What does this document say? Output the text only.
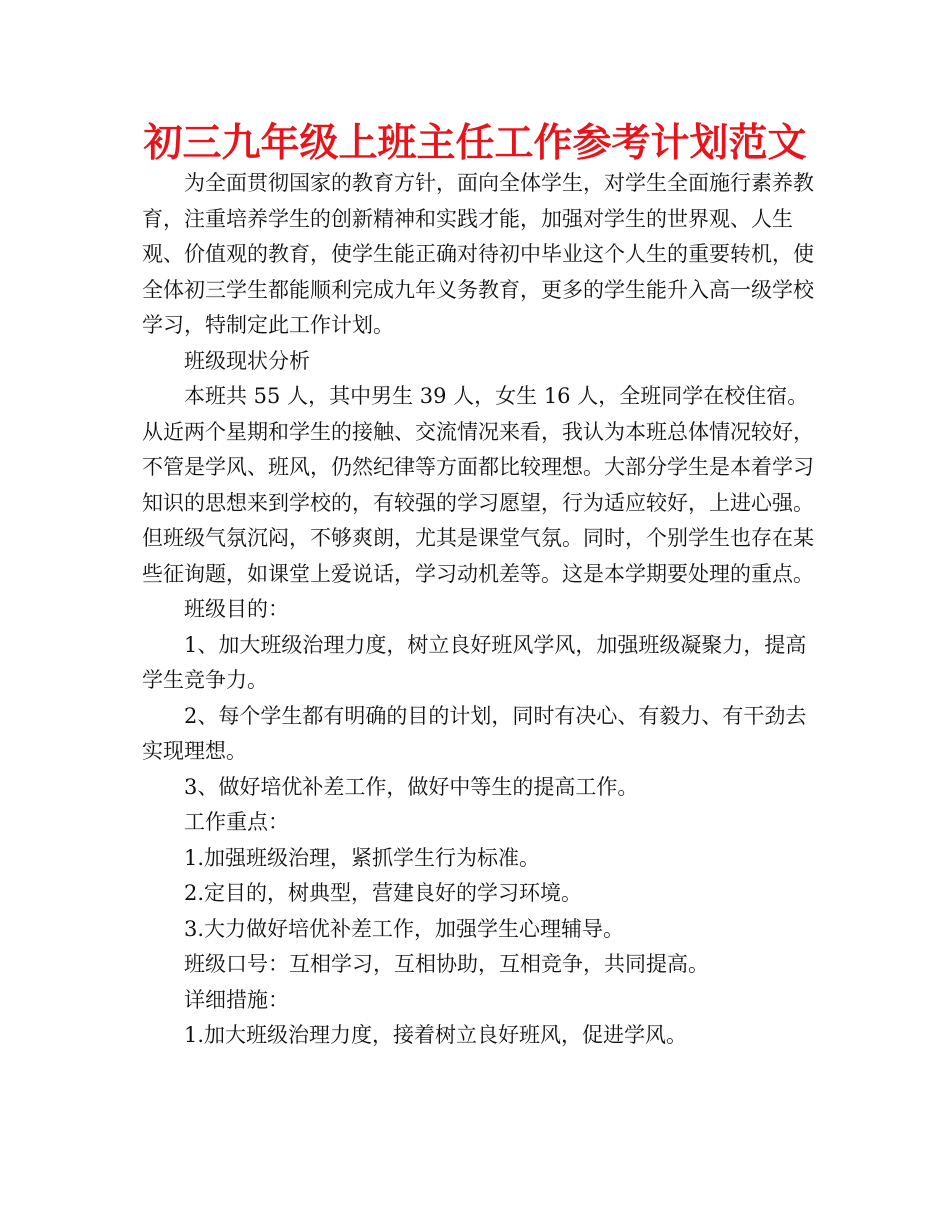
初三九年级上班主任工作参考计划范文

为全面贯彻国家的教育方针，面向全体学生，对学生全面施行素养教育，注重培养学生的创新精神和实践才能，加强对学生的世界观、人生观、价值观的教育，使学生能正确对待初中毕业这个人生的重要转机，使全体初三学生都能顺利完成九年义务教育，更多的学生能升入高一级学校学习，特制定此工作计划。

班级现状分析

本班共 55 人，其中男生 39 人，女生 16 人，全班同学在校住宿。从近两个星期和学生的接触、交流情况来看，我认为本班总体情况较好，不管是学风、班风，仍然纪律等方面都比较理想。大部分学生是本着学习知识的思想来到学校的，有较强的学习愿望，行为适应较好，上进心强。但班级气氛沉闷，不够爽朗，尤其是课堂气氛。同时，个别学生也存在某些征询题，如课堂上爱说话，学习动机差等。这是本学期要处理的重点。

班级目的：

1、加大班级治理力度，树立良好班风学风，加强班级凝聚力，提高学生竞争力。

2、每个学生都有明确的目的计划，同时有决心、有毅力、有干劲去实现理想。

3、做好培优补差工作，做好中等生的提高工作。

工作重点：

1.加强班级治理，紧抓学生行为标准。

2.定目的，树典型，营建良好的学习环境。

3.大力做好培优补差工作，加强学生心理辅导。

班级口号：互相学习，互相协助，互相竞争，共同提高。

详细措施：

1.加大班级治理力度，接着树立良好班风，促进学风。
